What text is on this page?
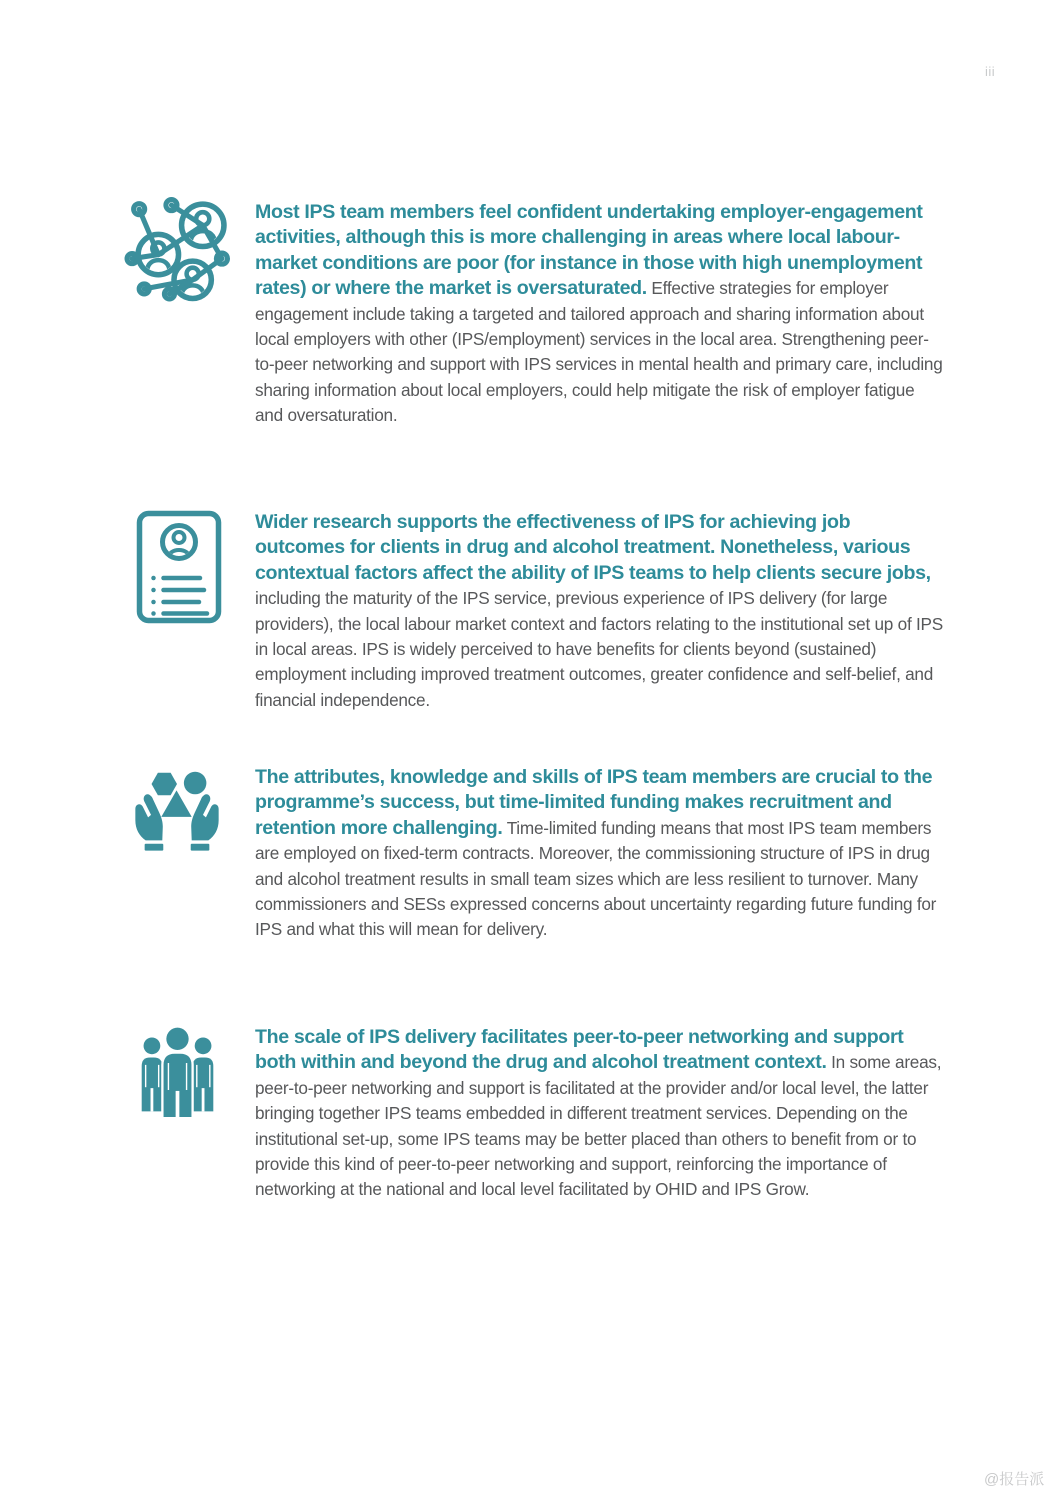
iii

Most IPS team members feel confident undertaking employer-engagement activities, although this is more challenging in areas where local labour-market conditions are poor (for instance in those with high unemployment rates) or where the market is oversaturated. Effective strategies for employer engagement include taking a targeted and tailored approach and sharing information about local employers with other (IPS/employment) services in the local area. Strengthening peer-to-peer networking and support with IPS services in mental health and primary care, including sharing information about local employers, could help mitigate the risk of employer fatigue and oversaturation.

Wider research supports the effectiveness of IPS for achieving job outcomes for clients in drug and alcohol treatment. Nonetheless, various contextual factors affect the ability of IPS teams to help clients secure jobs, including the maturity of the IPS service, previous experience of IPS delivery (for large providers), the local labour market context and factors relating to the institutional set up of IPS in local areas. IPS is widely perceived to have benefits for clients beyond (sustained) employment including improved treatment outcomes, greater confidence and self-belief, and financial independence.

The attributes, knowledge and skills of IPS team members are crucial to the programme’s success, but time-limited funding makes recruitment and retention more challenging. Time-limited funding means that most IPS team members are employed on fixed-term contracts. Moreover, the commissioning structure of IPS in drug and alcohol treatment results in small team sizes which are less resilient to turnover. Many commissioners and SESs expressed concerns about uncertainty regarding future funding for IPS and what this will mean for delivery.

The scale of IPS delivery facilitates peer-to-peer networking and support both within and beyond the drug and alcohol treatment context. In some areas, peer-to-peer networking and support is facilitated at the provider and/or local level, the latter bringing together IPS teams embedded in different treatment services. Depending on the institutional set-up, some IPS teams may be better placed than others to benefit from or to provide this kind of peer-to-peer networking and support, reinforcing the importance of networking at the national and local level facilitated by OHID and IPS Grow.

@报告派
